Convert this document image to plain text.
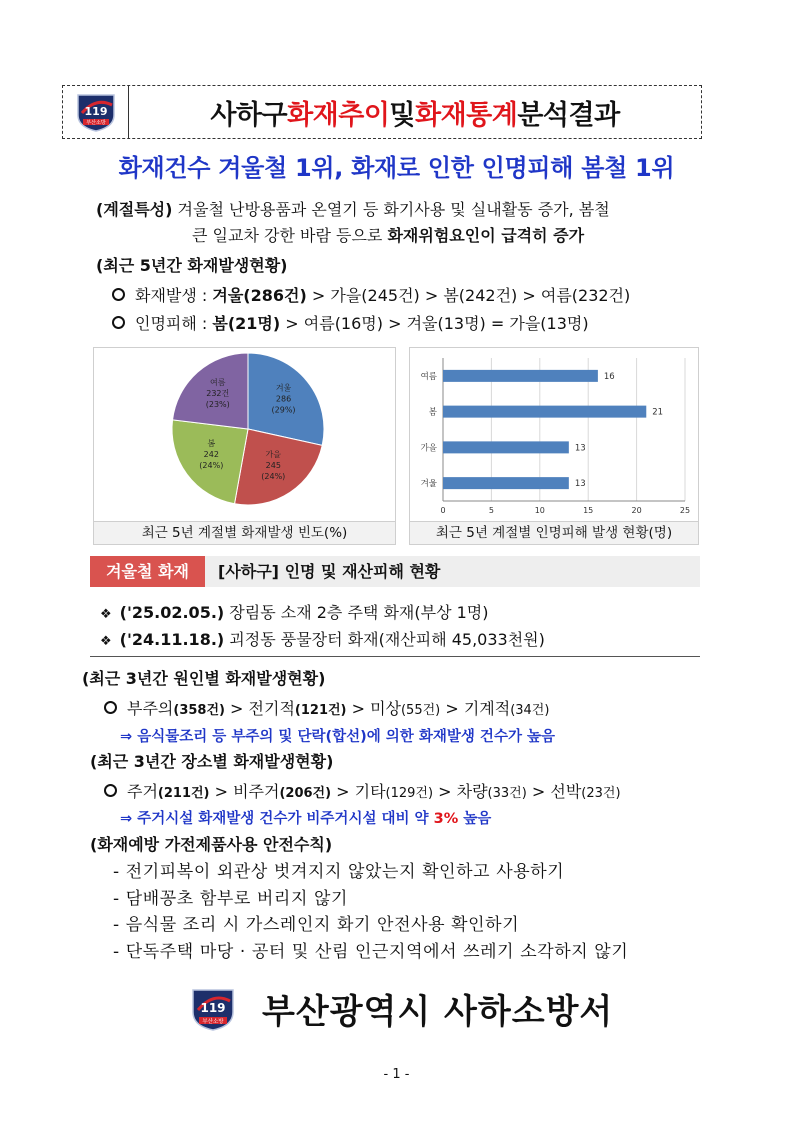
119
부산소방	사하구 화재추이 및 화재통계 분석결과
화재건수 겨울철 1위, 화재로 인한 인명피해 봄철 1위
(계절특성) 겨울철 난방용품과 온열기 등 화기사용 및 실내활동 증가, 봄철
큰 일교차 강한 바람 등으로 화재위험요인이 급격히 증가
(최근 5년간 화재발생현황)
화재발생 : 겨울(286건) > 가을(245건) > 봄(242건) > 여름(232건)
인명피해 : 봄(21명) > 여름(16명) > 겨울(13명) = 가을(13명)
겨울
286
(29%)
가을
245
(24%)
봄
242
(24%)
여름
232건
(23%)
최근 5년 계절별 화재발생 빈도(%)
0	5	10	15	20	25
여름	16
봄	21
가을	13
겨울	13
최근 5년 계절별 인명피해 발생 현황(명)
겨울철 화재	[사하구] 인명 및 재산피해 현황
❖ ('25.02.05.) 장림동 소재 2층 주택 화재(부상 1명)
❖ ('24.11.18.) 괴정동 풍물장터 화재(재산피해 45,033천원)
(최근 3년간 원인별 화재발생현황)
부주의(358건) > 전기적(121건) > 미상(55건) > 기계적(34건)
⇒ 음식물조리 등 부주의 및 단락(합선)에 의한 화재발생 건수가 높음
(최근 3년간 장소별 화재발생현황)
주거(211건) > 비주거(206건) > 기타(129건) > 차량(33건) > 선박(23건)
⇒ 주거시설 화재발생 건수가 비주거시설 대비 약 3% 높음
(화재예방 가전제품사용 안전수칙)
- 전기피복이 외관상 벗겨지지 않았는지 확인하고 사용하기
- 담배꽁초 함부로 버리지 않기
- 음식물 조리 시 가스레인지 화기 안전사용 확인하기
- 단독주택 마당 · 공터 및 산림 인근지역에서 쓰레기 소각하지 않기
119
부산소방 부산광역시 사하소방서
- 1 -
